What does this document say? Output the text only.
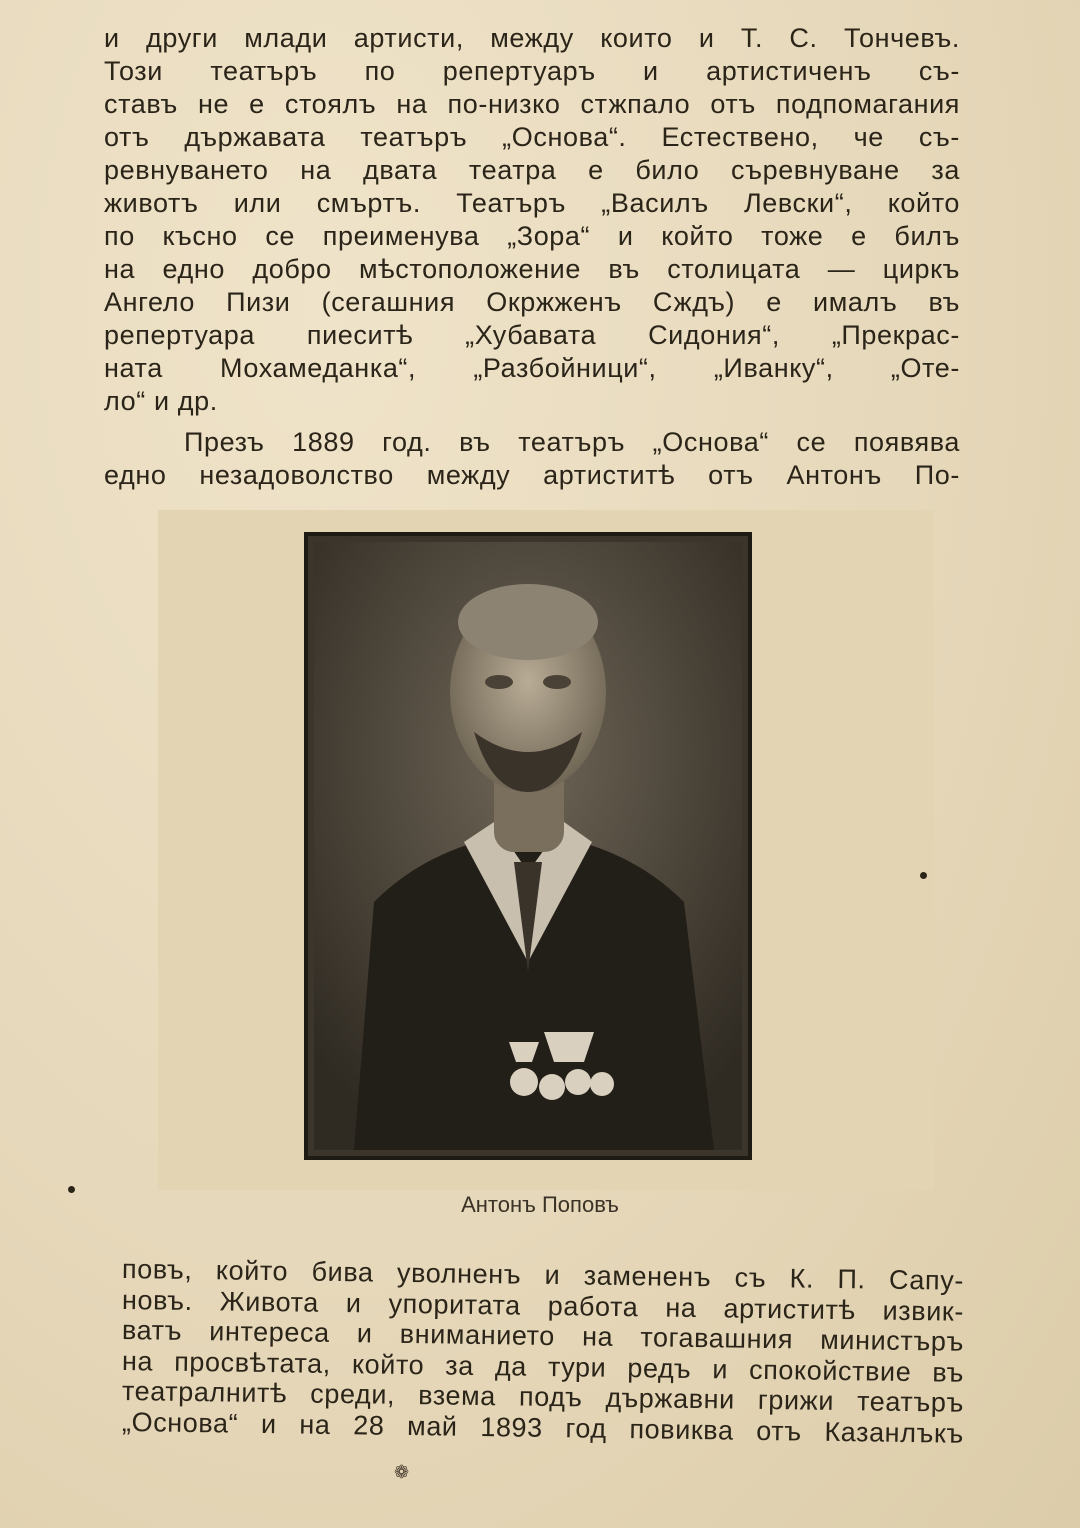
и други млади артисти, между които и Т. С. Тончевъ.
Този театъръ по репертуаръ и артистиченъ съ-
ставъ не е стоялъ на по-низко стжпало отъ подпомагания
отъ държавата театъръ „Основа“. Естествено, че съ-
ревнуването на двата театра е било съревнуване за
животъ или смъртъ. Театъръ „Василъ Левски“, който
по късно се преименува „Зора“ и който тоже е билъ
на едно добро мѣстоположение въ столицата — циркъ
Ангело Пизи (сегашния Окржженъ Сждъ) е ималъ въ
репертуара пиеситѣ „Хубавата Сидония“, „Прекрас-
ната Мохамеданка“, „Разбойници“, „Иванку“, „Оте-
ло“ и др.
Презъ 1889 год. въ театъръ „Основа“ се появява
едно незадоволство между артиститѣ отъ Антонъ По-
Антонъ Поповъ
повъ, който бива уволненъ и замененъ съ К. П. Сапу-
новъ. Живота и упоритата работа на артиститѣ извик-
ватъ интереса и вниманието на тогавашния министъръ
на просвѣтата, който за да тури редъ и спокойствие въ
театралнитѣ среди, взема подъ държавни грижи театъръ
„Основа“ и на 28 май 1893 год повиква отъ Казанлъкъ
❁
